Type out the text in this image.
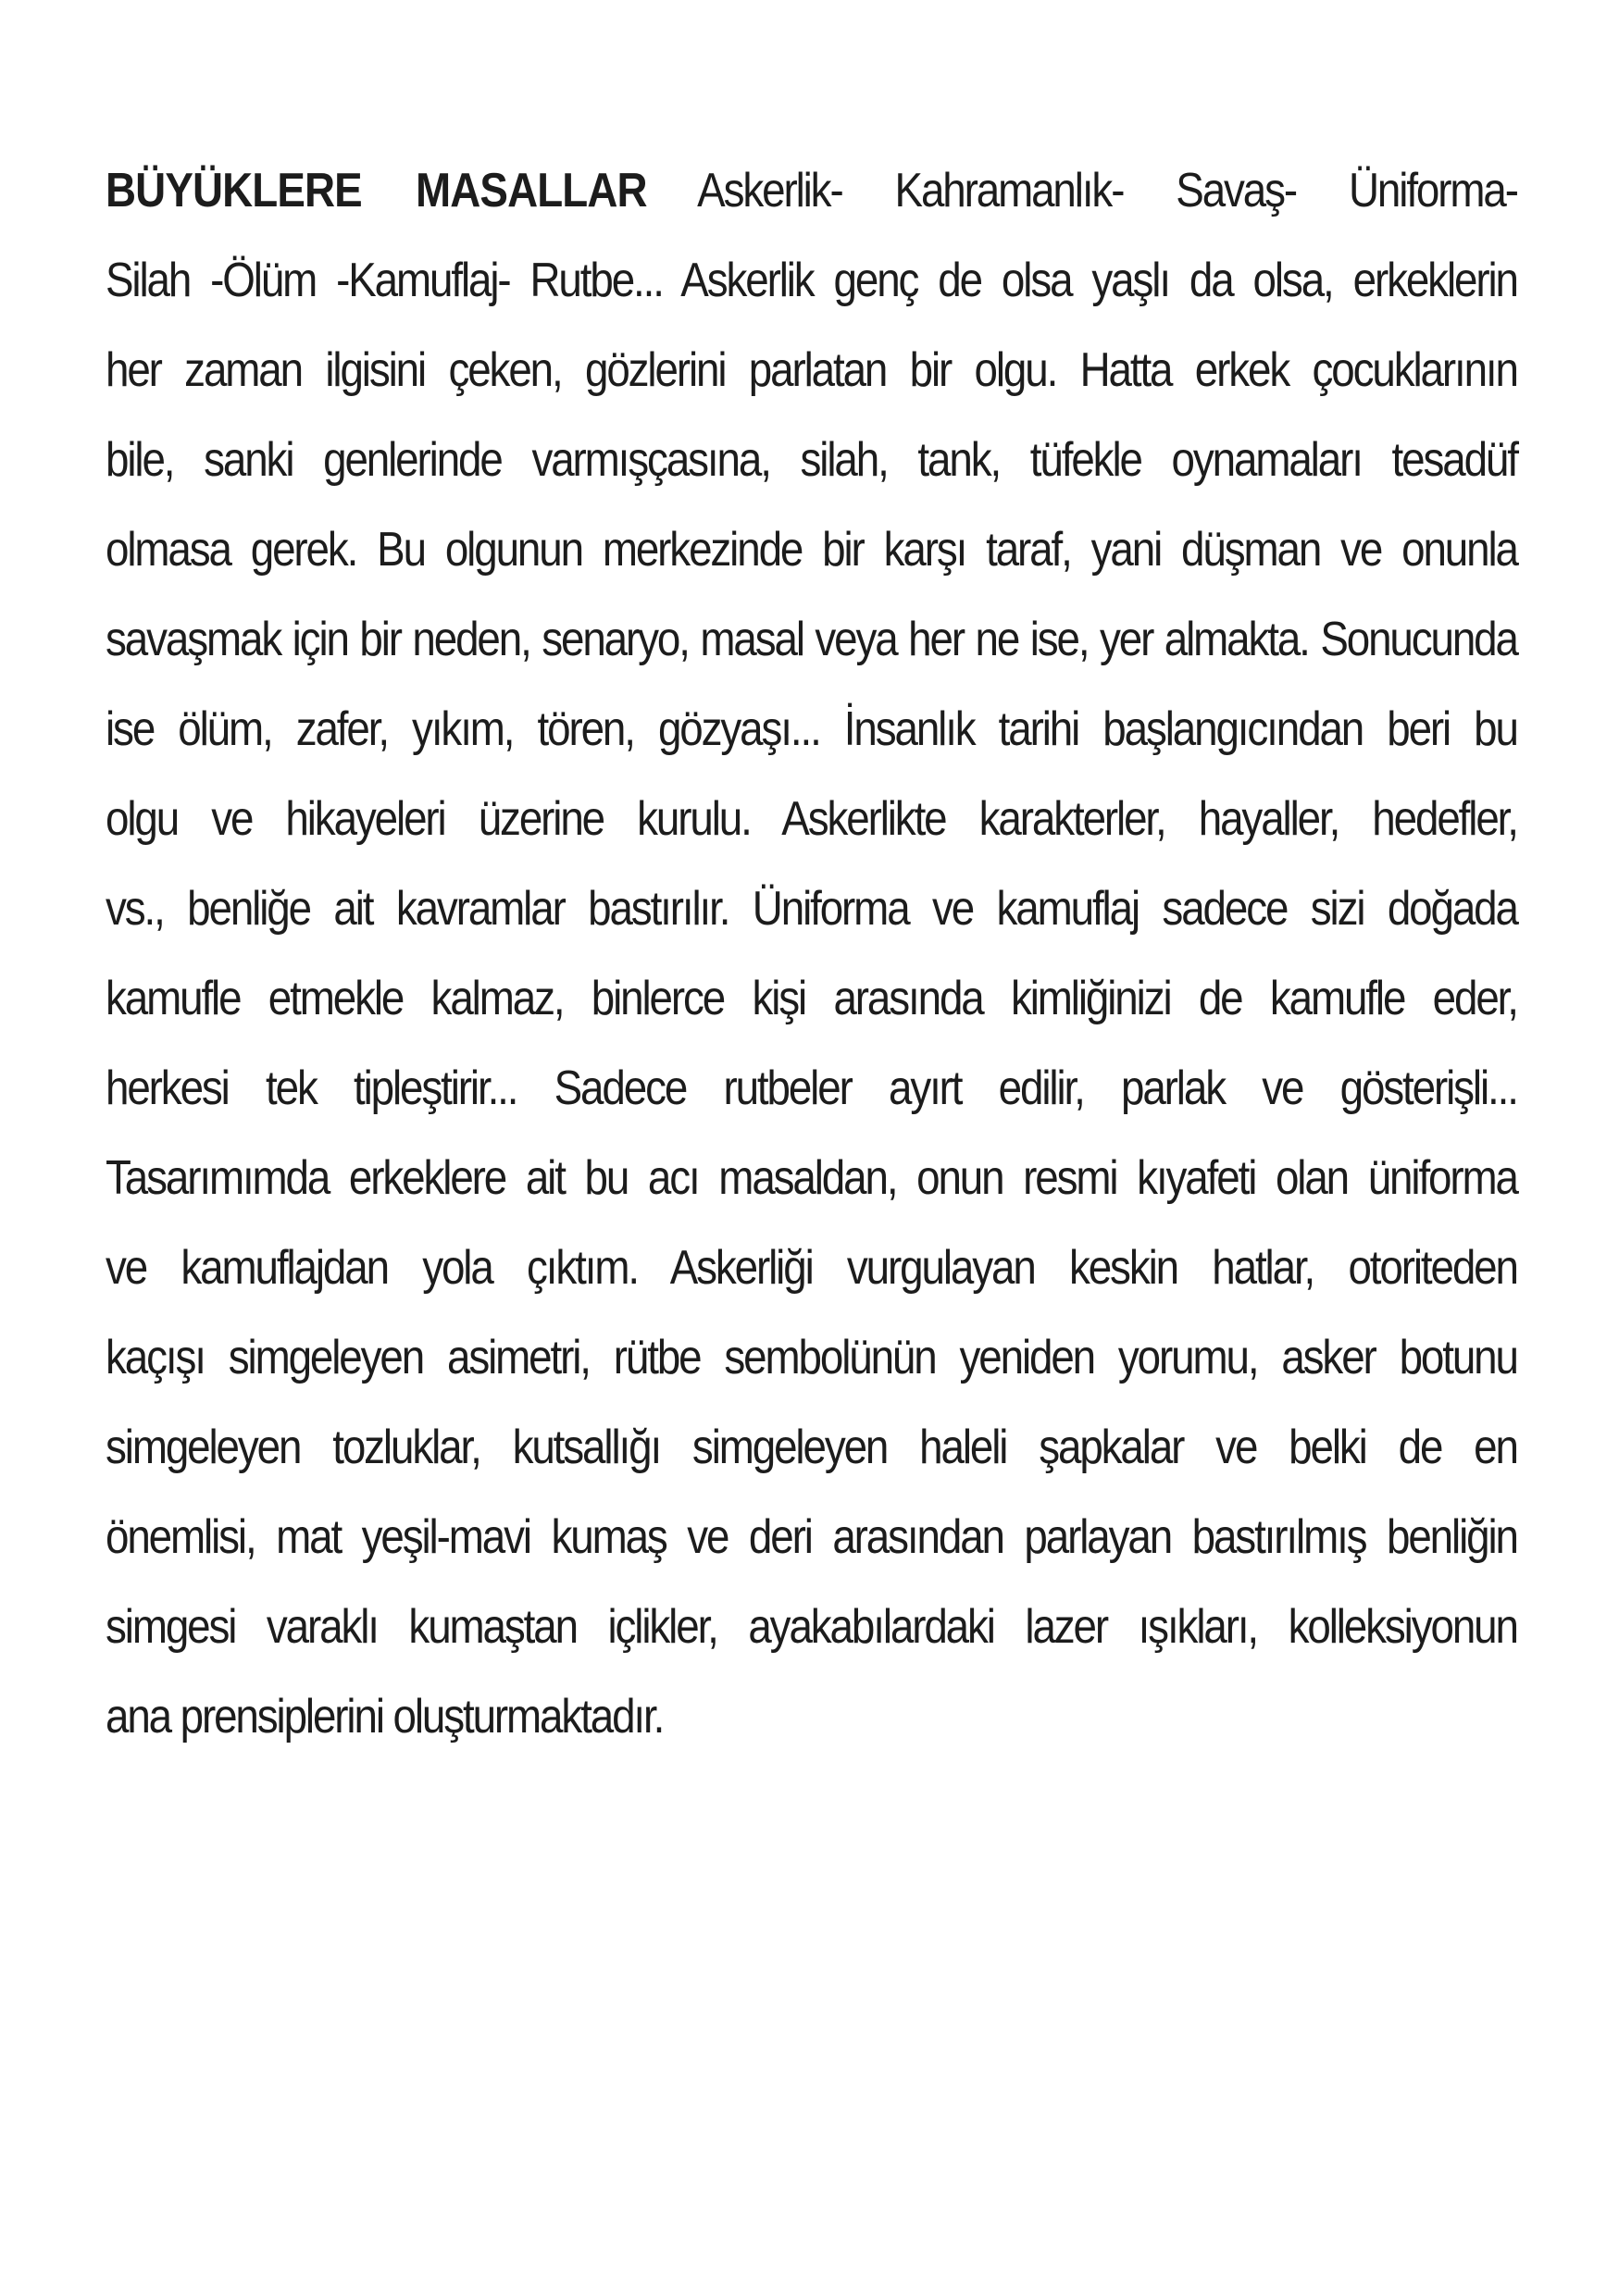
BÜYÜKLERE MASALLAR Askerlik- Kahramanlık- Savaş- Üniforma-
Silah -Ölüm -Kamuflaj- Rutbe... Askerlik genç de olsa yaşlı da olsa, erkeklerin
her zaman ilgisini çeken, gözlerini parlatan bir olgu. Hatta erkek çocuklarının
bile, sanki genlerinde varmışçasına, silah, tank, tüfekle oynamaları tesadüf
olmasa gerek. Bu olgunun merkezinde bir karşı taraf, yani düşman ve onunla
savaşmak için bir neden, senaryo, masal veya her ne ise, yer almakta. Sonucunda
ise ölüm, zafer, yıkım, tören, gözyaşı... İnsanlık tarihi başlangıcından beri bu
olgu ve hikayeleri üzerine kurulu. Askerlikte karakterler, hayaller, hedefler,
vs., benliğe ait kavramlar bastırılır. Üniforma ve kamuflaj sadece sizi doğada
kamufle etmekle kalmaz, binlerce kişi arasında kimliğinizi de kamufle eder,
herkesi tek tipleştirir... Sadece rutbeler ayırt edilir, parlak ve gösterişli...
Tasarımımda erkeklere ait bu acı masaldan, onun resmi kıyafeti olan üniforma
ve kamuflajdan yola çıktım. Askerliği vurgulayan keskin hatlar, otoriteden
kaçışı simgeleyen asimetri, rütbe sembolünün yeniden yorumu, asker botunu
simgeleyen tozluklar, kutsallığı simgeleyen haleli şapkalar ve belki de en
önemlisi, mat yeşil-mavi kumaş ve deri arasından parlayan bastırılmış benliğin
simgesi varaklı kumaştan içlikler, ayakabılardaki lazer ışıkları, kolleksiyonun
ana prensiplerini oluşturmaktadır.
